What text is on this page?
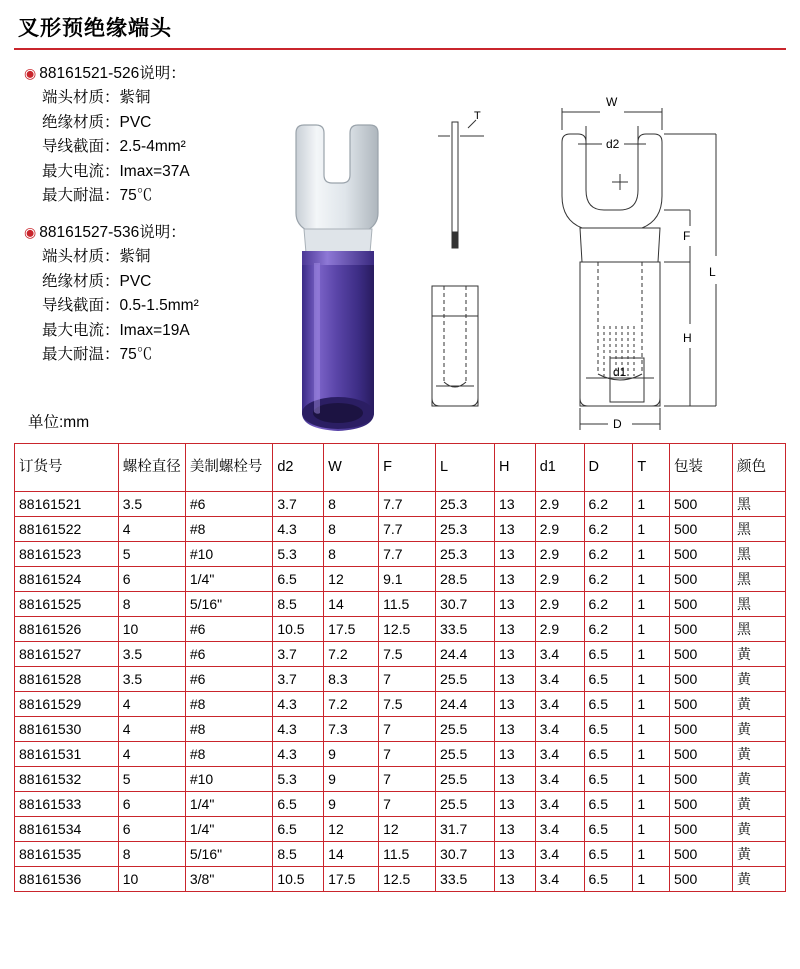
叉形预绝缘端头
◉ 88161521-526说明：
端头材质：紫铜
绝缘材质：PVC
导线截面：2.5-4mm²
最大电流：Imax=37A
最大耐温：75℃
◉ 88161527-536说明：
端头材质：紫铜
绝缘材质：PVC
导线截面：0.5-1.5mm²
最大电流：Imax=19A
最大耐温：75℃
单位:mm
T
W
d2
F
L
H
d1
D
订货号	螺栓直径	美制螺栓号	d2	W	F	L	H	d1	D	T	包装	颜色
88161521	3.5	#6	3.7	8	7.7	25.3	13	2.9	6.2	1	500	黑
88161522	4	#8	4.3	8	7.7	25.3	13	2.9	6.2	1	500	黑
88161523	5	#10	5.3	8	7.7	25.3	13	2.9	6.2	1	500	黑
88161524	6	1/4"	6.5	12	9.1	28.5	13	2.9	6.2	1	500	黑
88161525	8	5/16"	8.5	14	11.5	30.7	13	2.9	6.2	1	500	黑
88161526	10	#6	10.5	17.5	12.5	33.5	13	2.9	6.2	1	500	黑
88161527	3.5	#6	3.7	7.2	7.5	24.4	13	3.4	6.5	1	500	黄
88161528	3.5	#6	3.7	8.3	7	25.5	13	3.4	6.5	1	500	黄
88161529	4	#8	4.3	7.2	7.5	24.4	13	3.4	6.5	1	500	黄
88161530	4	#8	4.3	7.3	7	25.5	13	3.4	6.5	1	500	黄
88161531	4	#8	4.3	9	7	25.5	13	3.4	6.5	1	500	黄
88161532	5	#10	5.3	9	7	25.5	13	3.4	6.5	1	500	黄
88161533	6	1/4"	6.5	9	7	25.5	13	3.4	6.5	1	500	黄
88161534	6	1/4"	6.5	12	12	31.7	13	3.4	6.5	1	500	黄
88161535	8	5/16"	8.5	14	11.5	30.7	13	3.4	6.5	1	500	黄
88161536	10	3/8"	10.5	17.5	12.5	33.5	13	3.4	6.5	1	500	黄
